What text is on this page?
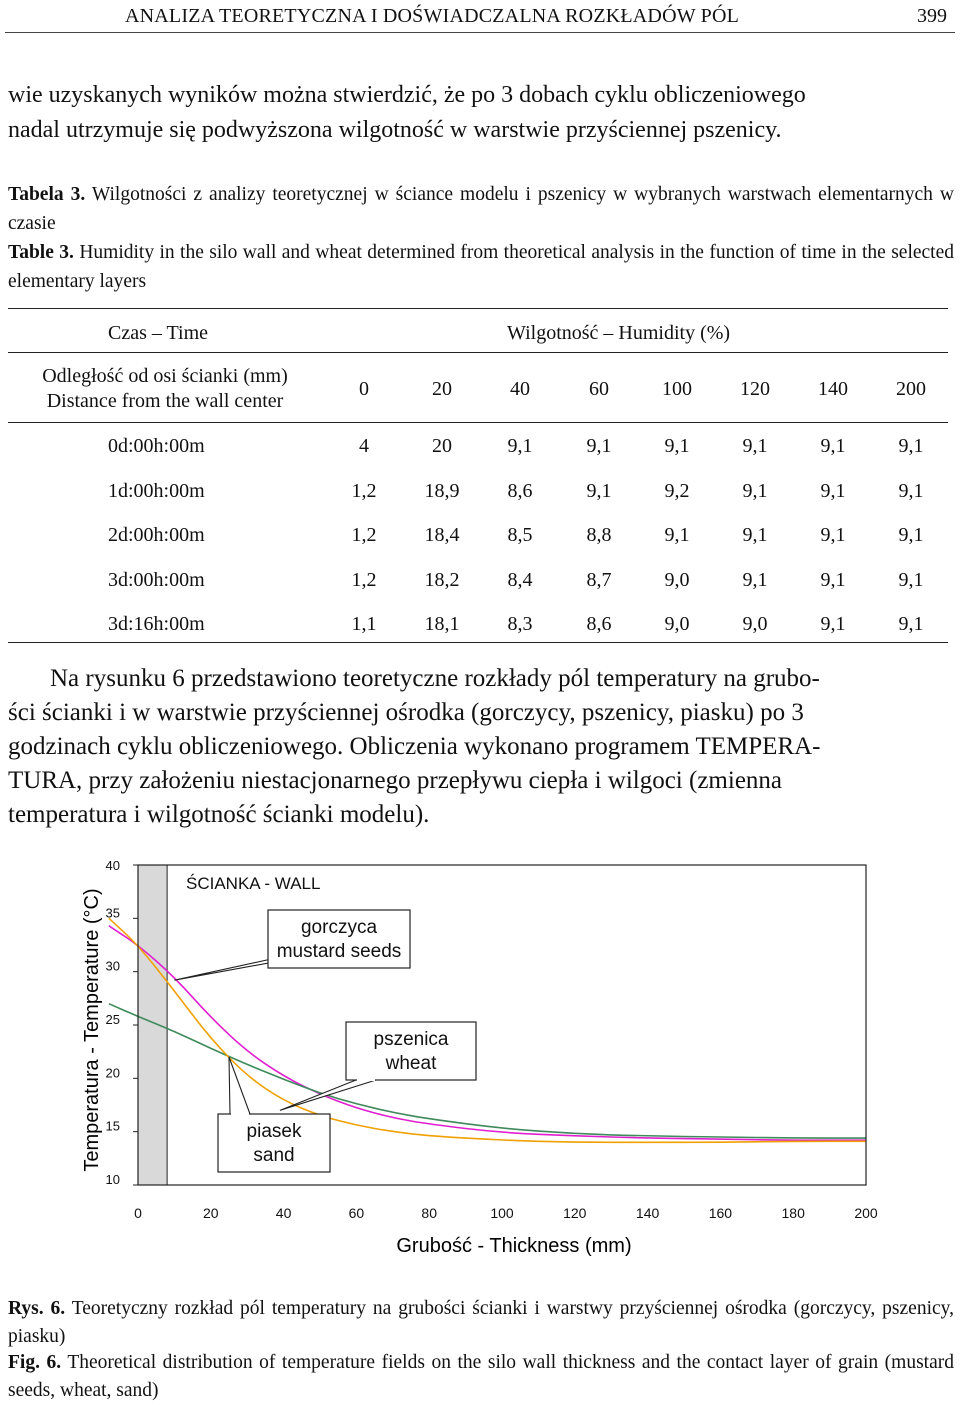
ANALIZA TEORETYCZNA I DOŚWIADCZALNA ROZKŁADÓW PÓL	399
wie uzyskanych wyników można stwierdzić, że po 3 dobach cyklu obliczeniowego
nadal utrzymuje się podwyższona wilgotność w warstwie przyściennej pszenicy.
Tabela 3. Wilgotności z analizy teoretycznej w ściance modelu i pszenicy w wybranych warstwach elementarnych w czasie
Table 3. Humidity in the silo wall and wheat determined from theoretical analysis in the function of time in the selected elementary layers
Czas – Time	Wilgotność – Humidity (%)
Odległość od osi ścianki (mm)
Distance from the wall center
0	20	40	60	100	120	140	200
0d:00h:00m	4	20	9,1	9,1	9,1	9,1	9,1	9,1
1d:00h:00m	1,2	18,9	8,6	9,1	9,2	9,1	9,1	9,1
2d:00h:00m	1,2	18,4	8,5	8,8	9,1	9,1	9,1	9,1
3d:00h:00m	1,2	18,2	8,4	8,7	9,0	9,1	9,1	9,1
3d:16h:00m	1,1	18,1	8,3	8,6	9,0	9,0	9,1	9,1
Na rysunku 6 przedstawiono teoretyczne rozkłady pól temperatury na grubo-
ści ścianki i w warstwie przyściennej ośrodka (gorczycy, pszenicy, piasku) po 3
godzinach cyklu obliczeniowego. Obliczenia wykonano programem TEMPERA-
TURA, przy założeniu niestacjonarnego przepływu ciepła i wilgoci (zmienna
temperatura i wilgotność ścianki modelu).
ŚCIANKA - WALL
10
15
20
25
30
35
40
0	20	40	60	80	100	120	140	160	180	200
gorczyca
mustard seeds
pszenica
wheat
piasek
sand
Temperatura - Temperature (°C)
Grubość - Thickness (mm)
Rys. 6. Teoretyczny rozkład pól temperatury na grubości ścianki i warstwy przyściennej ośrodka (gorczycy, pszenicy, piasku)
Fig. 6. Theoretical distribution of temperature fields on the silo wall thickness and the contact layer of grain (mustard seeds, wheat, sand)
